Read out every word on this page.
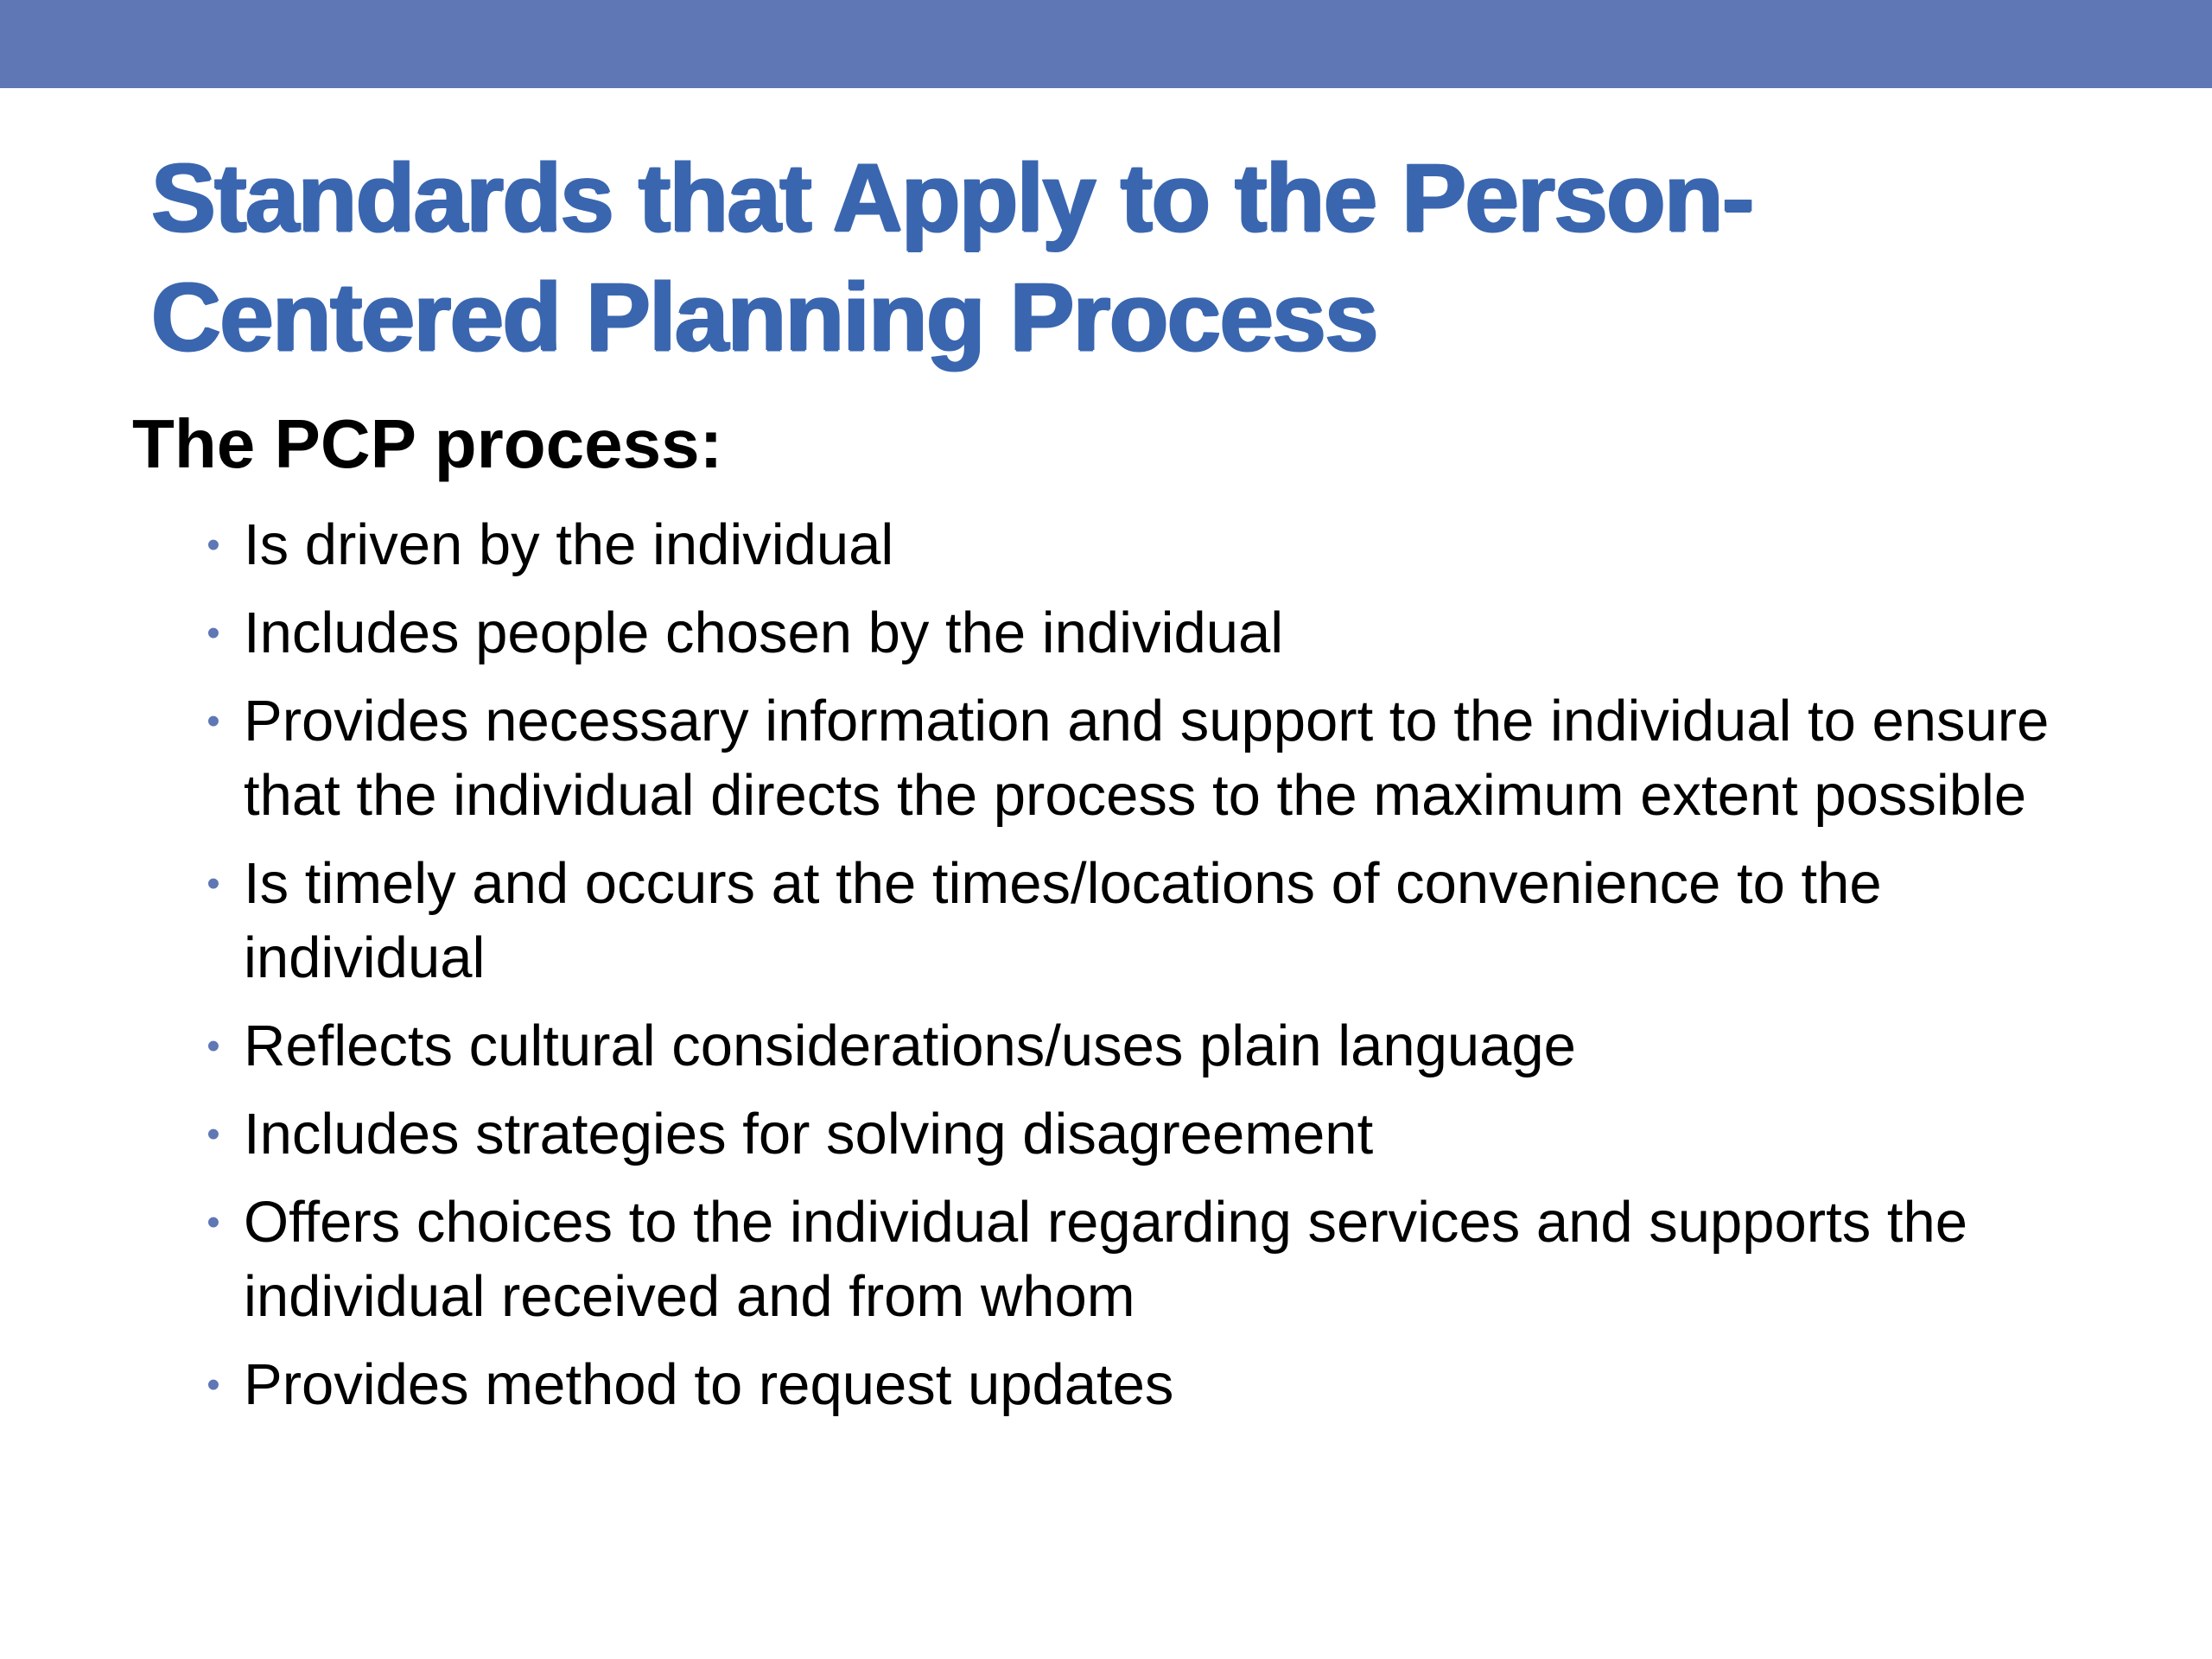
Standards that Apply to the Person-
Centered Planning Process
The PCP process:
• Is driven by the individual
• Includes people chosen by the individual
• Provides necessary information and support to the individual to ensure that the individual directs the process to the maximum extent possible
• Is timely and occurs at the times/locations of convenience to the individual
• Reflects cultural considerations/uses plain language
• Includes strategies for solving disagreement
• Offers choices to the individual regarding services and supports the individual received and from whom
• Provides method to request updates
